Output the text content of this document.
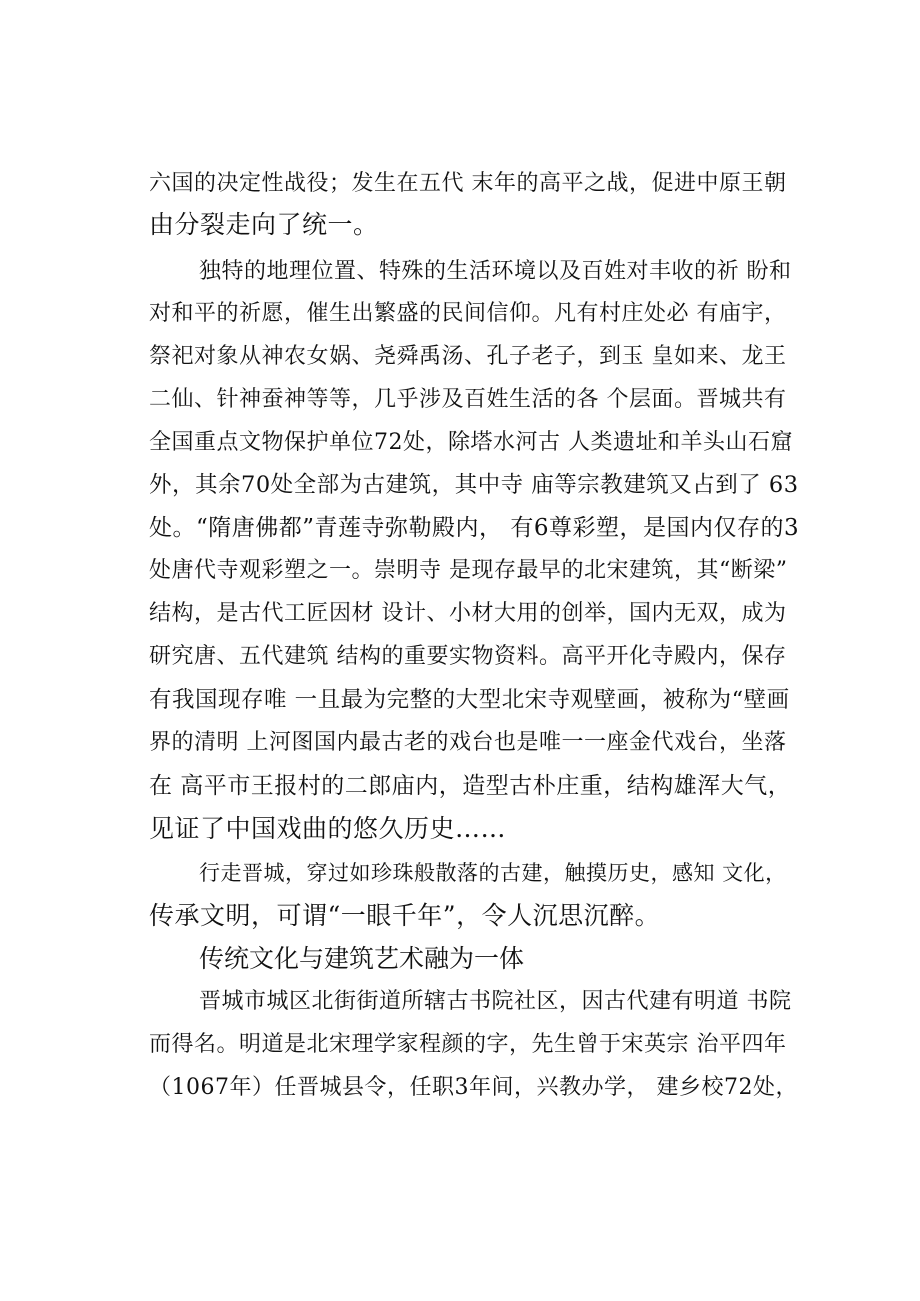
六国的决定性战役；发生在五代 末年的高平之战，促进中原王朝
由分裂走向了统一。
独特的地理位置、特殊的生活环境以及百姓对丰收的祈 盼和
对和平的祈愿，催生出繁盛的民间信仰。凡有村庄处必 有庙宇，
祭祀对象从神农女娲、尧舜禹汤、孔子老子，到玉 皇如来、龙王
二仙、针神蚕神等等，几乎涉及百姓生活的各 个层面。晋城共有
全国重点文物保护单位72处，除塔水河古 人类遗址和羊头山石窟
外，其余70处全部为古建筑，其中寺 庙等宗教建筑又占到了 63
处。“隋唐佛都”青莲寺弥勒殿内， 有6尊彩塑，是国内仅存的3
处唐代寺观彩塑之一。崇明寺 是现存最早的北宋建筑，其“断梁”
结构，是古代工匠因材 设计、小材大用的创举，国内无双，成为
研究唐、五代建筑 结构的重要实物资料。高平开化寺殿内，保存
有我国现存唯 一且最为完整的大型北宋寺观壁画，被称为“壁画
界的清明 上河图国内最古老的戏台也是唯一一座金代戏台，坐落
在 高平市王报村的二郎庙内，造型古朴庄重，结构雄浑大气，
见证了中国戏曲的悠久历史……
行走晋城，穿过如珍珠般散落的古建，触摸历史，感知 文化，
传承文明，可谓“一眼千年”，令人沉思沉醉。
传统文化与建筑艺术融为一体
晋城市城区北街街道所辖古书院社区，因古代建有明道 书院
而得名。明道是北宋理学家程颜的字，先生曾于宋英宗 治平四年
（1067年）任晋城县令，任职3年间，兴教办学， 建乡校72处，
